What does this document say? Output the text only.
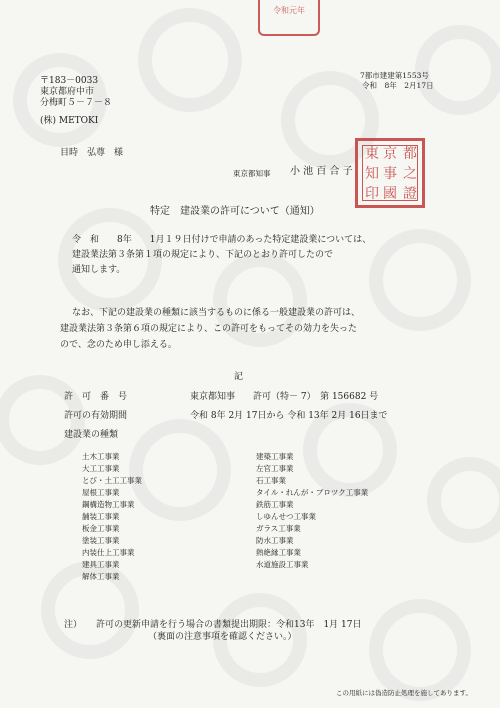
令和元年
7都市建建第1553号
令和　8年　2月17日
〒183－0033
東京都府中市
分梅町５－７－８
(株) METOKI
目時　弘尊　様
東京都知事 小 池 百 合 子
東 京 都
知 事 之
印 國 證
特定　建設業の許可について（通知）
令　和　　8年　　1月１９日付けで申請のあった特定建設業については、
建設業法第３条第１項の規定により、下記のとおり許可したので
通知します。
なお、下記の建設業の種類に該当するものに係る一般建設業の許可は、
建設業法第３条第６項の規定により、この許可をもってその効力を失った
ので、念のため申し添える。
記
許　可　番　号	東京都知事　　許可（特－ 7）　第 156682 号
許可の有効期間	令和 8年 2月 17日から 令和 13年 2月 16日まで
建設業の種類
土木工事業
大工工事業
とび・土工工事業
屋根工事業
鋼構造物工事業
舗装工事業
板金工事業
塗装工事業
内装仕上工事業
建具工事業
解体工事業
建築工事業
左官工事業
石工事業
タイル・れんが・ブロツク工事業
鉄筋工事業
しゆんせつ工事業
ガラス工事業
防水工事業
熱絶縁工事業
水道施設工事業
注） 許可の更新申請を行う場合の書類提出期限：令和13年　1月 17日
（裏面の注意事項を確認ください。）
この用紙には偽造防止処理を施してあります。
